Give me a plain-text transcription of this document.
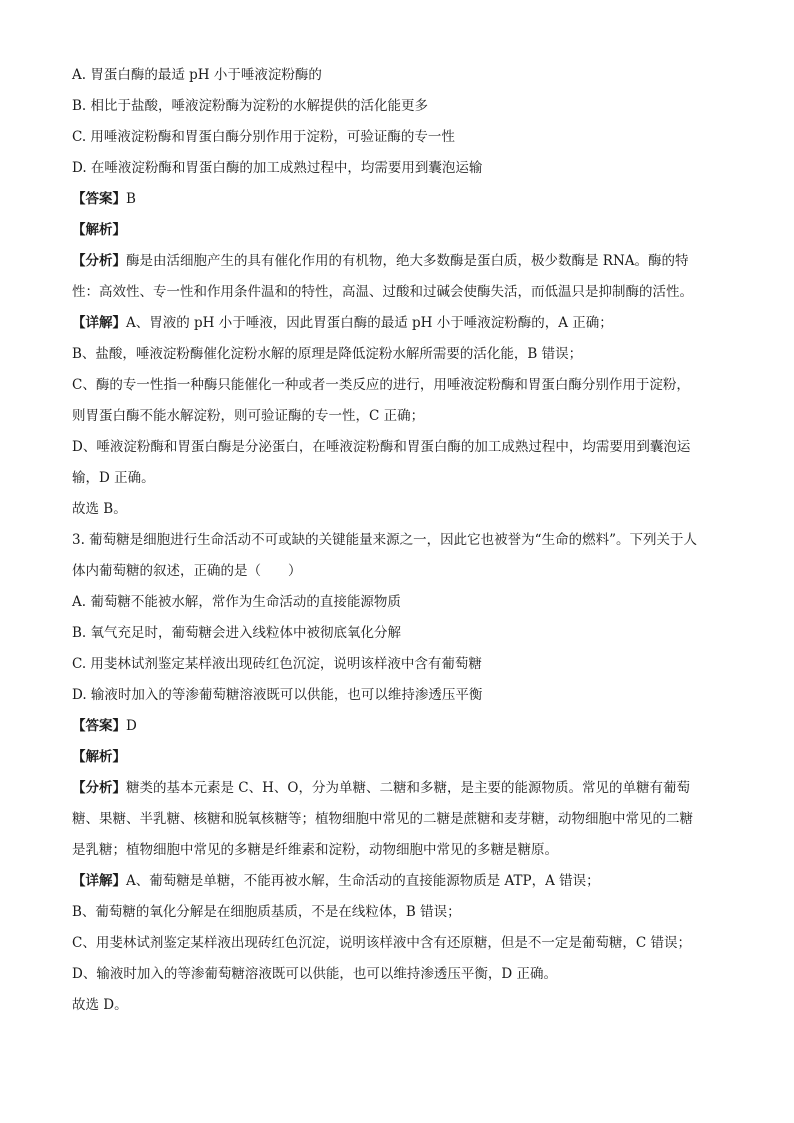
A. 胃蛋白酶的最适 pH 小于唾液淀粉酶的
B. 相比于盐酸，唾液淀粉酶为淀粉的水解提供的活化能更多
C. 用唾液淀粉酶和胃蛋白酶分别作用于淀粉，可验证酶的专一性
D. 在唾液淀粉酶和胃蛋白酶的加工成熟过程中，均需要用到囊泡运输
【答案】B
【解析】
【分析】酶是由活细胞产生的具有催化作用的有机物，绝大多数酶是蛋白质，极少数酶是 RNA。酶的特
性：高效性、专一性和作用条件温和的特性，高温、过酸和过碱会使酶失活，而低温只是抑制酶的活性。
【详解】A、胃液的 pH 小于唾液，因此胃蛋白酶的最适 pH 小于唾液淀粉酶的，A 正确；
B、盐酸，唾液淀粉酶催化淀粉水解的原理是降低淀粉水解所需要的活化能，B 错误；
C、酶的专一性指一种酶只能催化一种或者一类反应的进行，用唾液淀粉酶和胃蛋白酶分别作用于淀粉，
则胃蛋白酶不能水解淀粉，则可验证酶的专一性，C 正确；
D、唾液淀粉酶和胃蛋白酶是分泌蛋白，在唾液淀粉酶和胃蛋白酶的加工成熟过程中，均需要用到囊泡运
输，D 正确。
故选 B。
3. 葡萄糖是细胞进行生命活动不可或缺的关键能量来源之一，因此它也被誉为“生命的燃料”。下列关于人
体内葡萄糖的叙述，正确的是（　　）
A. 葡萄糖不能被水解，常作为生命活动的直接能源物质
B. 氧气充足时，葡萄糖会进入线粒体中被彻底氧化分解
C. 用斐林试剂鉴定某样液出现砖红色沉淀，说明该样液中含有葡萄糖
D. 输液时加入的等渗葡萄糖溶液既可以供能，也可以维持渗透压平衡
【答案】D
【解析】
【分析】糖类的基本元素是 C、H、O，分为单糖、二糖和多糖，是主要的能源物质。常见的单糖有葡萄
糖、果糖、半乳糖、核糖和脱氧核糖等；植物细胞中常见的二糖是蔗糖和麦芽糖，动物细胞中常见的二糖
是乳糖；植物细胞中常见的多糖是纤维素和淀粉，动物细胞中常见的多糖是糖原。
【详解】A、葡萄糖是单糖，不能再被水解，生命活动的直接能源物质是 ATP，A 错误；
B、葡萄糖的氧化分解是在细胞质基质，不是在线粒体，B 错误；
C、用斐林试剂鉴定某样液出现砖红色沉淀，说明该样液中含有还原糖，但是不一定是葡萄糖，C 错误；
D、输液时加入的等渗葡萄糖溶液既可以供能，也可以维持渗透压平衡，D 正确。
故选 D。
